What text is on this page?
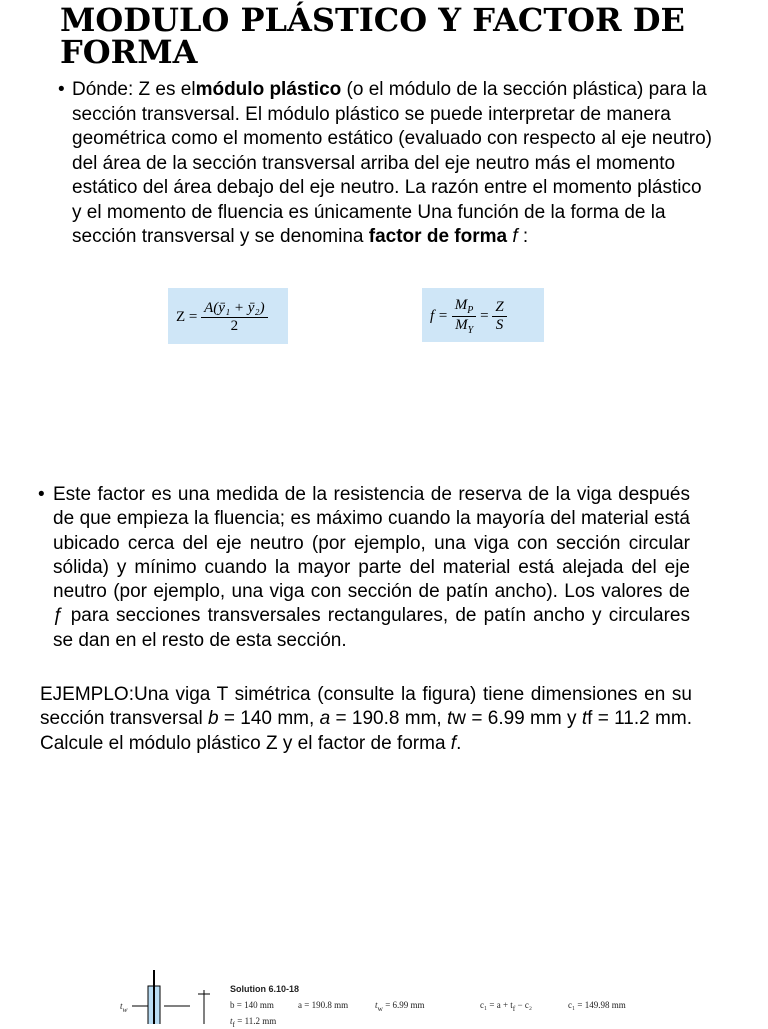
MODULO PLÁSTICO Y FACTOR DE FORMA
• Dónde: Z es elmódulo plástico (o el módulo de la sección plástica) para la sección transversal. El módulo plástico se puede interpretar de manera geométrica como el momento estático (evaluado con respecto al eje neutro) del área de la sección transversal arriba del eje neutro más el momento estático del área debajo del eje neutro. La razón entre el momento plástico y el momento de fluencia es únicamente Una función de la forma de la sección transversal y se denomina factor de forma f :
$Z = \frac{\text{A(ȳ₁ + ȳ₂)}}{2}$	$f = \frac{M_P}{M_Y} = \frac{Z}{S}$
• Este factor es una medida de la resistencia de reserva de la viga después de que empieza la fluencia; es máximo cuando la mayoría del material está ubicado cerca del eje neutro (por ejemplo, una viga con sección circular sólida) y mínimo cuando la mayor parte del material está alejada del eje neutro (por ejemplo, una viga con sección de patín ancho). Los valores de ƒ para secciones transversales rectangulares, de patín ancho y circulares se dan en el resto de esta sección.
EJEMPLO:Una viga T simétrica (consulte la figura) tiene dimensiones en su sección transversal b = 140 mm, a = 190.8 mm, tw = 6.99 mm y tf = 11.2 mm. Calcule el módulo plástico Z y el factor de forma f.
$t_w$
Solution 6.10-18
b = 140 mm	a = 190.8 mm	$t_w = 6.99$ mm	$c_1 = a + t_f - c_2$	c₁ = 149.98 mm
$t_f = 11.2$ mm
